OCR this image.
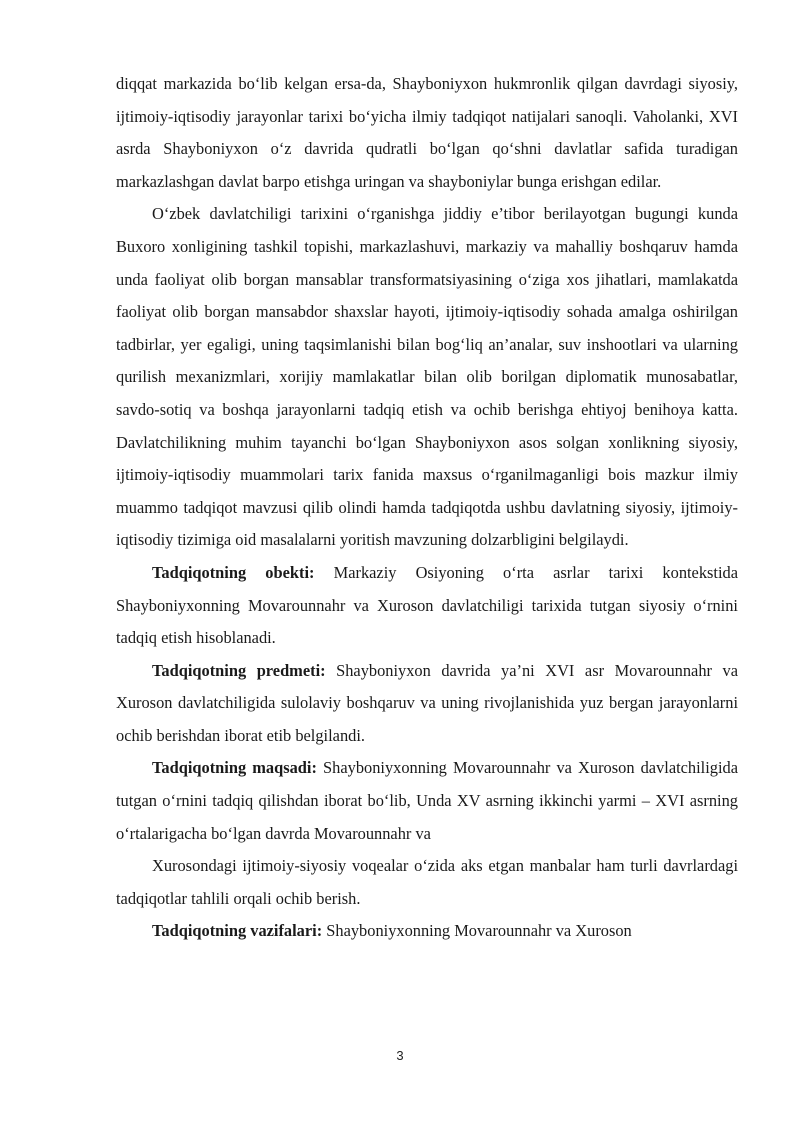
diqqat markazida bo‘lib kelgan ersa-da, Shayboniyxon hukmronlik qilgan davrdagi siyosiy, ijtimoiy-iqtisodiy jarayonlar tarixi bo‘yicha ilmiy tadqiqot natijalari sanoqli. Vaholanki, XVI asrda Shayboniyxon o‘z davrida qudratli bo‘lgan qo‘shni davlatlar safida turadigan markazlashgan davlat barpo etishga uringan va shayboniylar bunga erishgan edilar.

O‘zbek davlatchiligi tarixini o‘rganishga jiddiy e’tibor berilayotgan bugungi kunda Buxoro xonligining tashkil topishi, markazlashuvi, markaziy va mahalliy boshqaruv hamda unda faoliyat olib borgan mansablar transformatsiyasining o‘ziga xos jihatlari, mamlakatda faoliyat olib borgan mansabdor shaxslar hayoti, ijtimoiy-iqtisodiy sohada amalga oshirilgan tadbirlar, yer egaligi, uning taqsimlanishi bilan bog‘liq an’analar, suv inshootlari va ularning qurilish mexanizmlari, xorijiy mamlakatlar bilan olib borilgan diplomatik munosabatlar, savdo-sotiq va boshqa jarayonlarni tadqiq etish va ochib berishga ehtiyoj benihoya katta. Davlatchilikning muhim tayanchi bo‘lgan Shayboniyxon asos solgan xonlikning siyosiy, ijtimoiy-iqtisodiy muammolari tarix fanida maxsus o‘rganilmaganligi bois mazkur ilmiy muammo tadqiqot mavzusi qilib olindi hamda tadqiqotda ushbu davlatning siyosiy, ijtimoiy-iqtisodiy tizimiga oid masalalarni yoritish mavzuning dolzarbligini belgilaydi.

Tadqiqotning obekti: Markaziy Osiyoning o‘rta asrlar tarixi kontekstida Shayboniyxonning Movarounnahr va Xuroson davlatchiligi tarixida tutgan siyosiy o‘rnini tadqiq etish hisoblanadi.

Tadqiqotning predmeti: Shayboniyxon davrida ya’ni XVI asr Movarounnahr va Xuroson davlatchiligida sulolaviy boshqaruv va uning rivojlanishida yuz bergan jarayonlarni ochib berishdan iborat etib belgilandi.

Tadqiqotning maqsadi: Shayboniyxonning Movarounnahr va Xuroson davlatchiligida tutgan o‘rnini tadqiq qilishdan iborat bo‘lib, Unda XV asrning ikkinchi yarmi – XVI asrning o‘rtalarigacha bo‘lgan davrda Movarounnahr va

Xurosondagi ijtimoiy-siyosiy voqealar o‘zida aks etgan manbalar ham turli davrlardagi tadqiqotlar tahlili orqali ochib berish.

Tadqiqotning vazifalari: Shayboniyxonning Movarounnahr va Xuroson

3
